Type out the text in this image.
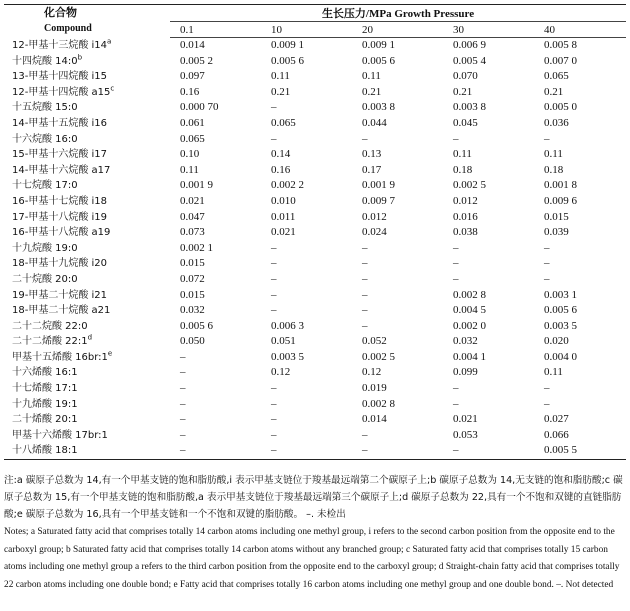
化合物
Compound	生长压力/MPa Growth Pressure				
	0.1	10	20	30	40
12-甲基十三烷酸 i14$^a$	0.014	0.009 1	0.009 1	0.006 9	0.005 8
十四烷酸 14:0$^b$	0.005 2	0.005 6	0.005 6	0.005 4	0.007 0
13-甲基十四烷酸 i15	0.097	0.11	0.11	0.070	0.065
12-甲基十四烷酸 a15$^c$	0.16	0.21	0.21	0.21	0.21
十五烷酸 15:0	0.000 70	–	0.003 8	0.003 8	0.005 0
14-甲基十五烷酸 i16	0.061	0.065	0.044	0.045	0.036
十六烷酸 16:0	0.065	–	–	–	–
15-甲基十六烷酸 i17	0.10	0.14	0.13	0.11	0.11
14-甲基十六烷酸 a17	0.11	0.16	0.17	0.18	0.18
十七烷酸 17:0	0.001 9	0.002 2	0.001 9	0.002 5	0.001 8
16-甲基十七烷酸 i18	0.021	0.010	0.009 7	0.012	0.009 6
17-甲基十八烷酸 i19	0.047	0.011	0.012	0.016	0.015
16-甲基十八烷酸 a19	0.073	0.021	0.024	0.038	0.039
十九烷酸 19:0	0.002 1	–	–	–	–
18-甲基十九烷酸 i20	0.015	–	–	–	–
二十烷酸 20:0	0.072	–	–	–	–
19-甲基二十烷酸 i21	0.015	–	–	0.002 8	0.003 1
18-甲基二十烷酸 a21	0.032	–	–	0.004 5	0.005 6
二十二烷酸 22:0	0.005 6	0.006 3	–	0.002 0	0.003 5
二十二烯酸 22:1$^d$	0.050	0.051	0.052	0.032	0.020
甲基十五烯酸 16br:1e	–	0.003 5	0.002 5	0.004 1	0.004 0
十六烯酸 16:1	–	0.12	0.12	0.099	0.11
十七烯酸 17:1	–	–	0.019	–	–
十九烯酸 19:1	–	–	0.002 8	–	–
二十烯酸 20:1	–	–	0.014	0.021	0.027
甲基十六烯酸 17br:1	–	–	–	0.053	0.066
十八烯酸 18:1	–	–	–	–	0.005 5

注:a 碳原子总数为 14,有一个甲基支链的饱和脂肪酸,i 表示甲基支链位于羧基最远端第二个碳原子上;b 碳原子总数为 14,无支链的饱和脂肪酸;c 碳原子总数为 15,有一个甲基支链的饱和脂肪酸,a 表示甲基支链位于羧基最远端第三个碳原子上;d 碳原子总数为 22,具有一个不饱和双键的直链脂肪酸;e 碳原子总数为 16,具有一个甲基支链和一个不饱和双键的脂肪酸。 –. 未检出

Notes; a Saturated fatty acid that comprises totally 14 carbon atoms including one methyl group, i refers to the second carbon position from the opposite end to the carboxyl group; b Saturated fatty acid that comprises totally 14 carbon atoms without any branched group; c Saturated fatty acid that comprises totally 15 carbon atoms including one methyl group a refers to the third carbon position from the opposite end to the carboxyl group; d Straight-chain fatty acid that comprises totally 22 carbon atoms including one double bond; e Fatty acid that comprises totally 16 carbon atoms including one methyl group and one double bond. –. Not detected
